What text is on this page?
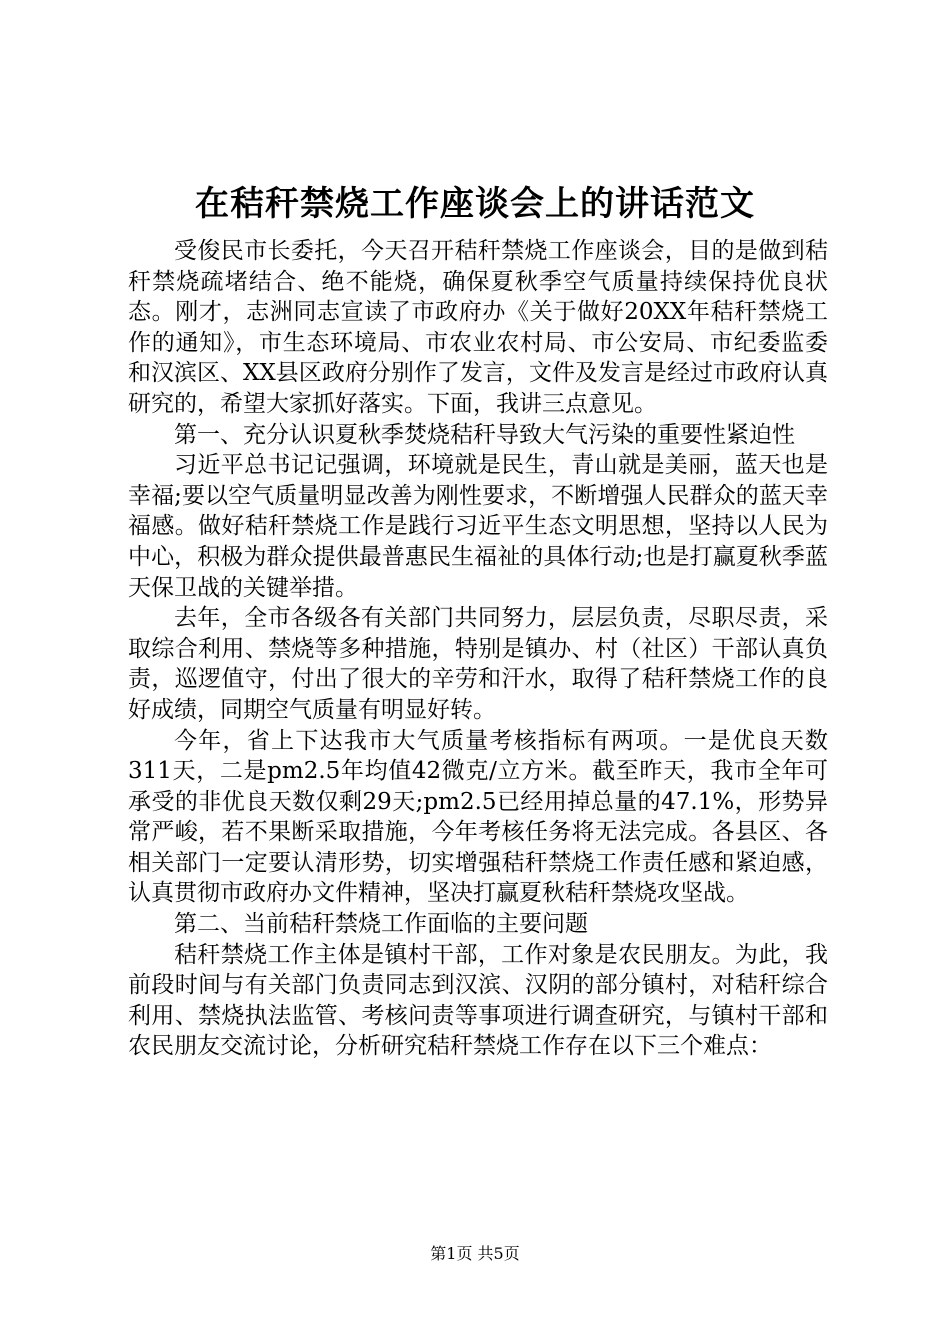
在秸秆禁烧工作座谈会上的讲话范文

受俊民市长委托，今天召开秸秆禁烧工作座谈会，目的是做到秸秆禁烧疏堵结合、绝不能烧，确保夏秋季空气质量持续保持优良状态。刚才，志洲同志宣读了市政府办《关于做好20XX年秸秆禁烧工作的通知》，市生态环境局、市农业农村局、市公安局、市纪委监委和汉滨区、XX县区政府分别作了发言，文件及发言是经过市政府认真研究的，希望大家抓好落实。下面，我讲三点意见。

第一、充分认识夏秋季焚烧秸秆导致大气污染的重要性紧迫性

习近平总书记记强调，环境就是民生，青山就是美丽，蓝天也是幸福;要以空气质量明显改善为刚性要求，不断增强人民群众的蓝天幸福感。做好秸秆禁烧工作是践行习近平生态文明思想，坚持以人民为中心，积极为群众提供最普惠民生福祉的具体行动;也是打赢夏秋季蓝天保卫战的关键举措。

去年，全市各级各有关部门共同努力，层层负责，尽职尽责，采取综合利用、禁烧等多种措施，特别是镇办、村（社区）干部认真负责，巡逻值守，付出了很大的辛劳和汗水，取得了秸秆禁烧工作的良好成绩，同期空气质量有明显好转。

今年，省上下达我市大气质量考核指标有两项。一是优良天数311天，二是pm2.5年均值42微克/立方米。截至昨天，我市全年可承受的非优良天数仅剩29天;pm2.5已经用掉总量的47.1%，形势异常严峻，若不果断采取措施，今年考核任务将无法完成。各县区、各相关部门一定要认清形势，切实增强秸秆禁烧工作责任感和紧迫感，认真贯彻市政府办文件精神，坚决打赢夏秋秸秆禁烧攻坚战。

第二、当前秸秆禁烧工作面临的主要问题

秸秆禁烧工作主体是镇村干部，工作对象是农民朋友。为此，我前段时间与有关部门负责同志到汉滨、汉阴的部分镇村，对秸秆综合利用、禁烧执法监管、考核问责等事项进行调查研究，与镇村干部和农民朋友交流讨论，分析研究秸秆禁烧工作存在以下三个难点：

第1页 共5页
